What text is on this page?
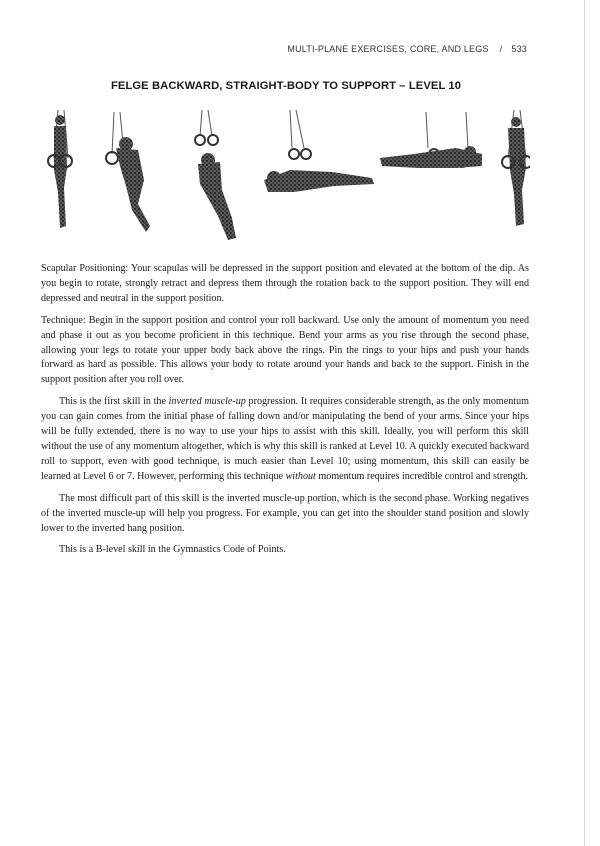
MULTI-PLANE EXERCISES, CORE, AND LEGS / 533
FELGE BACKWARD, STRAIGHT-BODY TO SUPPORT – LEVEL 10

Scapular Positioning: Your scapulas will be depressed in the support position and elevated at the bottom of the dip. As you begin to rotate, strongly retract and depress them through the rotation back to the support position. They will end depressed and neutral in the support position.

Technique: Begin in the support position and control your roll backward. Use only the amount of momentum you need and phase it out as you become proficient in this technique. Bend your arms as you rise through the second phase, allowing your legs to rotate your upper body back above the rings. Pin the rings to your hips and push your hands forward as hard as possible. This allows your body to rotate around your hands and back to the support. Finish in the support position after you roll over.

This is the first skill in the inverted muscle-up progression. It requires considerable strength, as the only momentum you can gain comes from the initial phase of falling down and/or manipulating the bend of your arms. Since your hips will be fully extended, there is no way to use your hips to assist with this skill. Ideally, you will perform this skill without the use of any momentum altogether, which is why this skill is ranked at Level 10. A quickly executed backward roll to support, even with good technique, is much easier than Level 10; using momentum, this skill can easily be learned at Level 6 or 7. However, performing this technique without momentum requires incredible control and strength.

The most difficult part of this skill is the inverted muscle-up portion, which is the second phase. Working negatives of the inverted muscle-up will help you progress. For example, you can get into the shoulder stand position and slowly lower to the inverted hang position.

This is a B-level skill in the Gymnastics Code of Points.
